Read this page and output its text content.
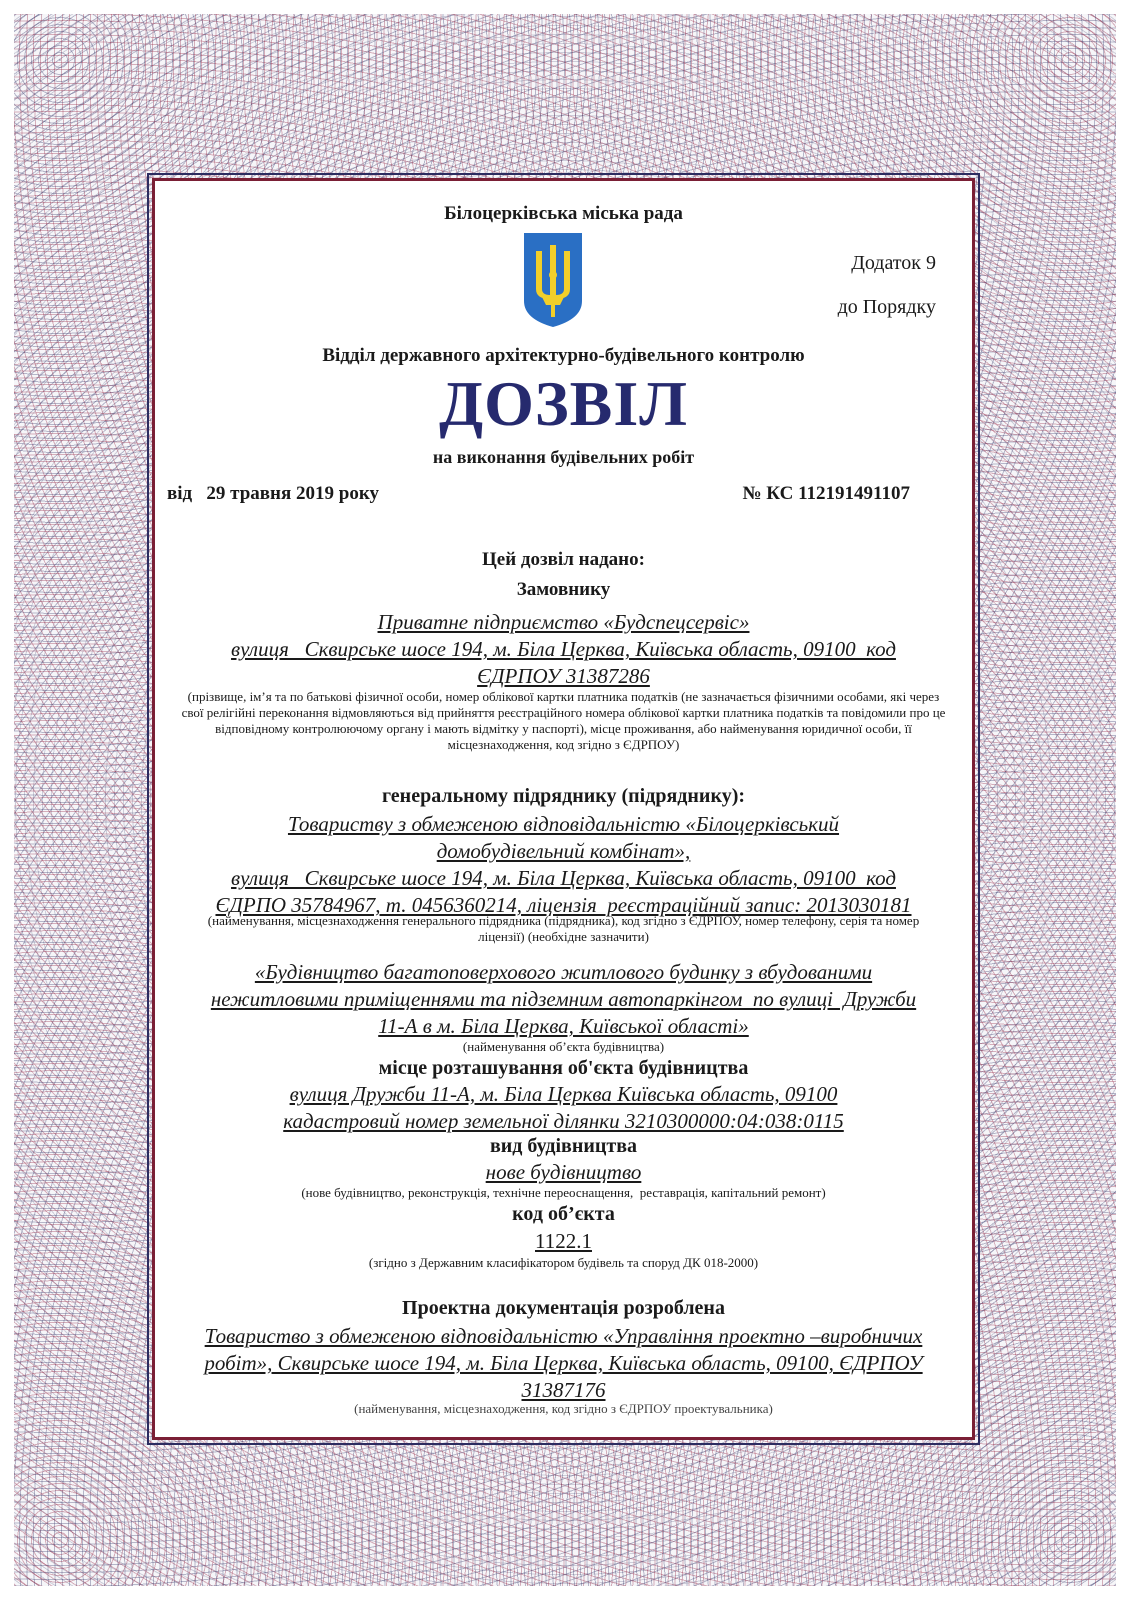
Білоцерківська міська рада
Додаток 9
до Порядку
Відділ державного архітектурно-будівельного контролю
ДОЗВІЛ
на виконання будівельних робіт
від   29 травня 2019 року	№ КС 112191491107
Цей дозвіл надано:
Замовнику
Приватне підприємство «Будспецсервіс»
вулиця   Сквирське шосе 194, м. Біла Церква, Київська область, 09100  код
ЄДРПОУ 31387286
(прізвище, ім’я та по батькові фізичної особи, номер облікової картки платника податків (не зазначається фізичними особами, які через свої релігійні переконання відмовляються від прийняття реєстраційного номера облікової картки платника податків та повідомили про це відповідному контролюючому органу і мають відмітку у паспорті), місце проживання, або найменування юридичної особи, її місцезнаходження, код згідно з ЄДРПОУ)
генеральному підряднику (підряднику):
Товариству з обмеженою відповідальністю «Білоцерківський
домобудівельний комбінат»,
вулиця   Сквирське шосе 194, м. Біла Церква, Київська область, 09100  код
ЄДРПО 35784967, т. 0456360214, ліцензія  реєстраційний запис: 2013030181
(найменування, місцезнаходження генерального підрядника (підрядника), код згідно з ЄДРПОУ, номер телефону, серія та номер ліцензії) (необхідне зазначити)
«Будівництво багатоповерхового житлового будинку з вбудованими
нежитловими приміщеннями та підземним автопаркінгом  по вулиці  Дружби
11-А в м. Біла Церква, Київської області»
(найменування об’єкта будівництва)
місце розташування об'єкта будівництва
вулиця Дружби 11-А, м. Біла Церква Київська область, 09100
кадастровий номер земельної ділянки 3210300000:04:038:0115
вид будівництва
нове будівництво
(нове будівництво, реконструкція, технічне переоснащення,  реставрація, капітальний ремонт)
код об’єкта
1122.1
(згідно з Державним класифікатором будівель та споруд ДК 018-2000)
Проектна документація розроблена
Товариство з обмеженою відповідальністю «Управління проектно –виробничих
робіт», Сквирське шосе 194, м. Біла Церква, Київська область, 09100, ЄДРПОУ
31387176
(найменування, місцезнаходження, код згідно з ЄДРПОУ проектувальника)
